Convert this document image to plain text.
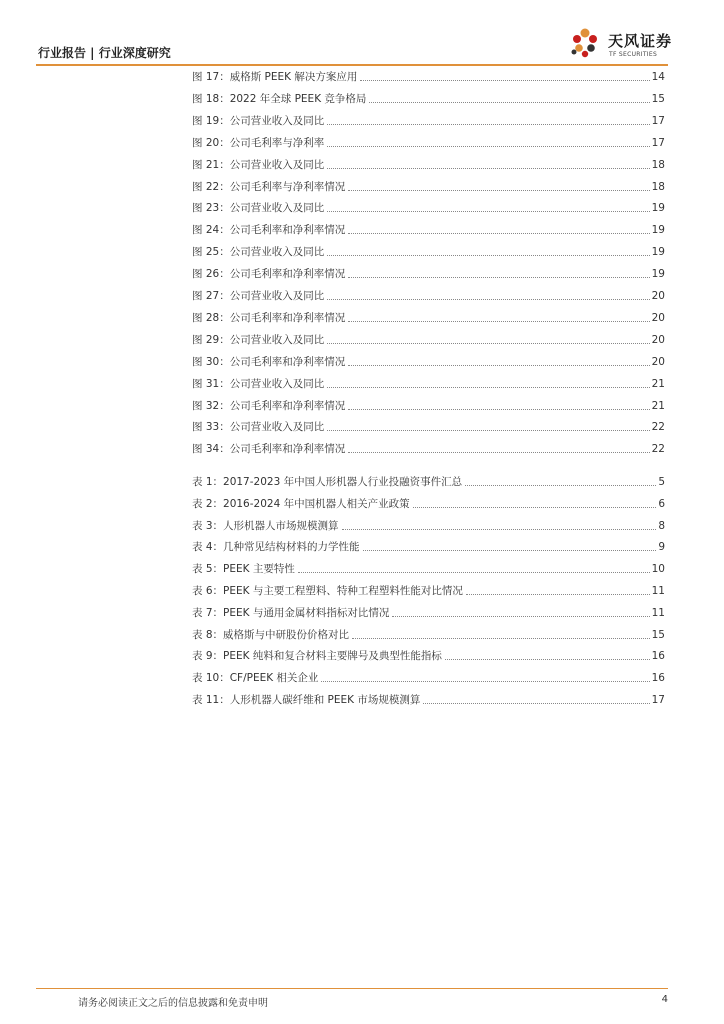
行业报告 | 行业深度研究
天风证券
TF SECURITIES
图 17：威格斯 PEEK 解决方案应用	14
图 18：2022 年全球 PEEK 竞争格局	15
图 19：公司营业收入及同比	17
图 20：公司毛利率与净利率	17
图 21：公司营业收入及同比	18
图 22：公司毛利率与净利率情况	18
图 23：公司营业收入及同比	19
图 24：公司毛利率和净利率情况	19
图 25：公司营业收入及同比	19
图 26：公司毛利率和净利率情况	19
图 27：公司营业收入及同比	20
图 28：公司毛利率和净利率情况	20
图 29：公司营业收入及同比	20
图 30：公司毛利率和净利率情况	20
图 31：公司营业收入及同比	21
图 32：公司毛利率和净利率情况	21
图 33：公司营业收入及同比	22
图 34：公司毛利率和净利率情况	22
表 1：2017-2023 年中国人形机器人行业投融资事件汇总	5
表 2：2016-2024 年中国机器人相关产业政策	6
表 3：人形机器人市场规模测算	8
表 4：几种常见结构材料的力学性能	9
表 5：PEEK 主要特性	10
表 6：PEEK 与主要工程塑料、特种工程塑料性能对比情况	11
表 7：PEEK 与通用金属材料指标对比情况	11
表 8：威格斯与中研股份价格对比	15
表 9：PEEK 纯料和复合材料主要牌号及典型性能指标	16
表 10：CF/PEEK 相关企业	16
表 11：人形机器人碳纤维和 PEEK 市场规模测算	17
请务必阅读正文之后的信息披露和免责申明	4
